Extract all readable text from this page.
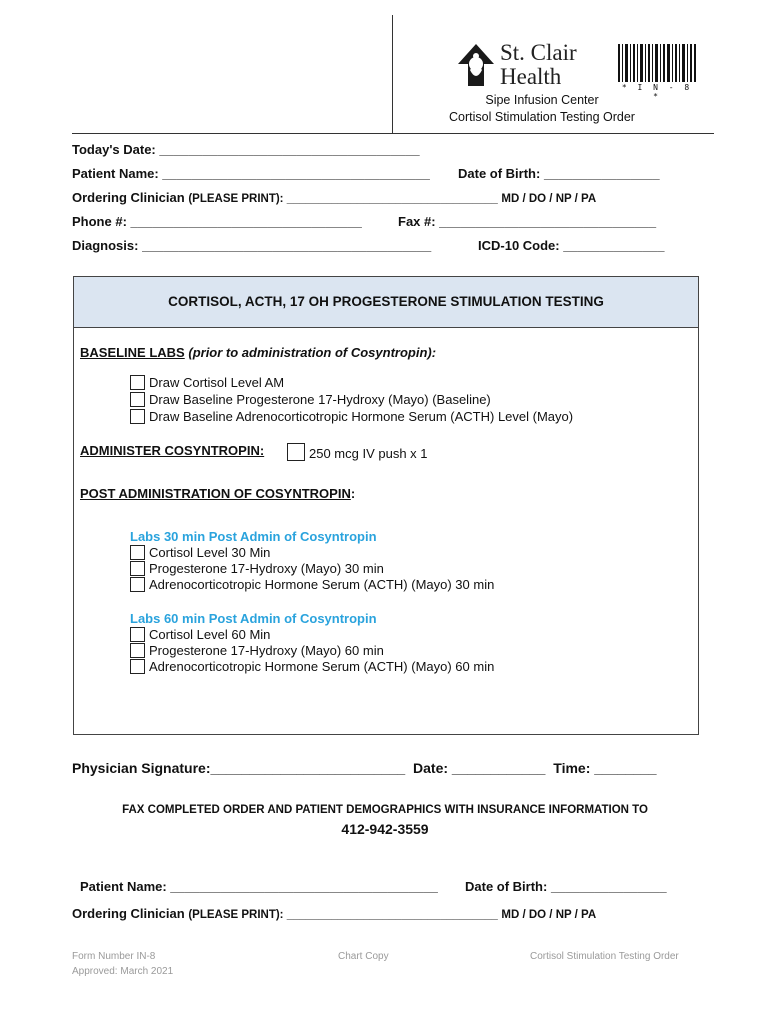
St. Clair
Health	* I N - 8 *
Sipe Infusion Center
Cortisol Stimulation Testing Order
Today's Date: ____________________________________
Patient Name: _____________________________________ Date of Birth: ________________
Ordering Clinician (PLEASE PRINT): _________________________________ MD / DO / NP / PA
Phone #: ________________________________	Fax #: ______________________________
Diagnosis: ________________________________________	ICD-10 Code: ______________
CORTISOL, ACTH, 17 OH PROGESTERONE STIMULATION TESTING
BASELINE LABS (prior to administration of Cosyntropin):
Draw Cortisol Level AM
Draw Baseline Progesterone 17-Hydroxy (Mayo) (Baseline)
Draw Baseline Adrenocorticotropic Hormone Serum (ACTH) Level (Mayo)
ADMINISTER COSYNTROPIN:	250 mcg IV push x 1
POST ADMINISTRATION OF COSYNTROPIN:
Labs 30 min Post Admin of Cosyntropin
Cortisol Level 30 Min
Progesterone 17-Hydroxy (Mayo) 30 min
Adrenocorticotropic Hormone Serum (ACTH) (Mayo) 30 min
Labs 60 min Post Admin of Cosyntropin
Cortisol Level 60 Min
Progesterone 17-Hydroxy (Mayo) 60 min
Adrenocorticotropic Hormone Serum (ACTH) (Mayo) 60 min
Physician Signature:_________________________ Date: ____________ Time: ________
FAX COMPLETED ORDER AND PATIENT DEMOGRAPHICS WITH INSURANCE INFORMATION TO
412-942-3559
Patient Name: _____________________________________ Date of Birth: ________________
Ordering Clinician (PLEASE PRINT): _________________________________ MD / DO / NP / PA
Form Number IN-8
Approved: March 2021
Chart Copy	Cortisol Stimulation Testing Order
